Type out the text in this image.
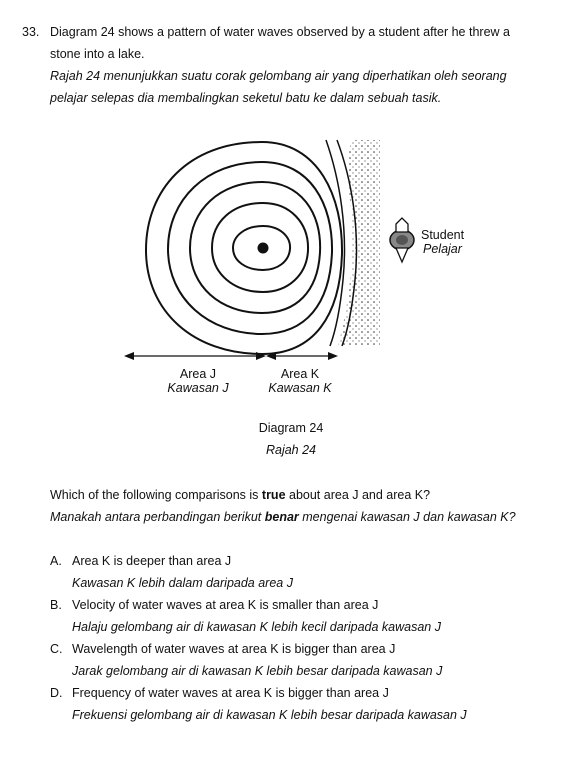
33. Diagram 24 shows a pattern of water waves observed by a student after he threw a
stone into a lake.
Rajah 24 menunjukkan suatu corak gelombang air yang diperhatikan oleh seorang
pelajar selepas dia membalingkan seketul batu ke dalam sebuah tasik.
Student
Pelajar
Area J
Kawasan J
Area K
Kawasan K
Diagram 24
Rajah 24
Which of the following comparisons is true about area J and area K?
Manakah antara perbandingan berikut benar mengenai kawasan J dan kawasan K?
A. Area K is deeper than area J
Kawasan K lebih dalam daripada area J
B. Velocity of water waves at area K is smaller than area J
Halaju gelombang air di kawasan K lebih kecil daripada kawasan J
C. Wavelength of water waves at area K is bigger than area J
Jarak gelombang air di kawasan K lebih besar daripada kawasan J
D. Frequency of water waves at area K is bigger than area J
Frekuensi gelombang air di kawasan K lebih besar daripada kawasan J
